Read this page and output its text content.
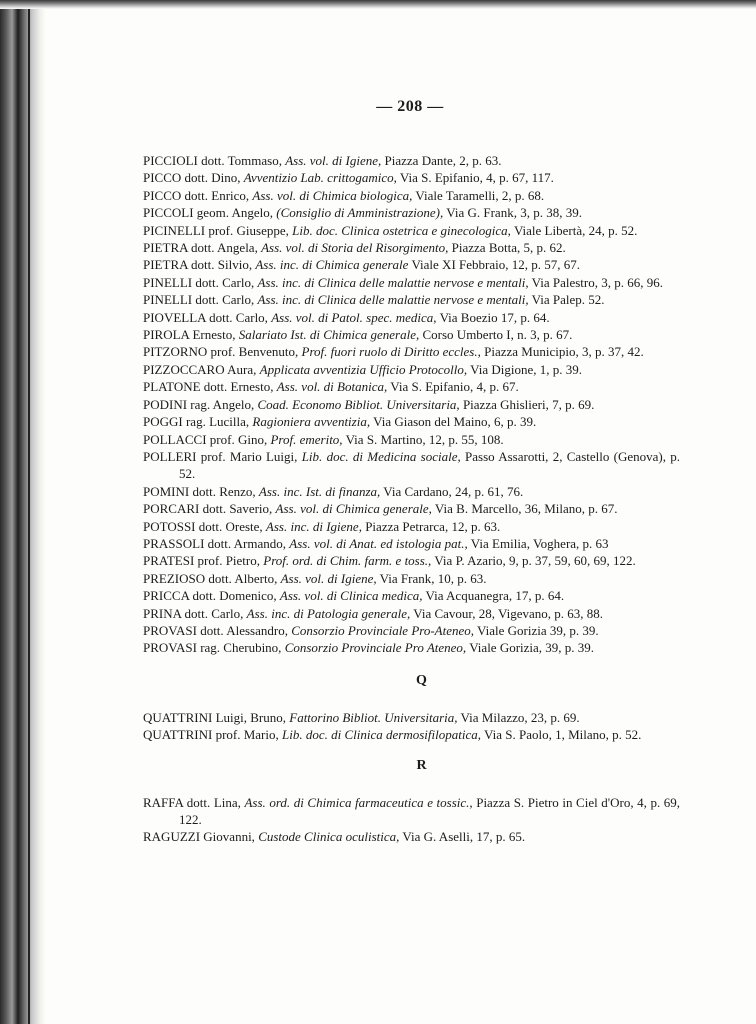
— 208 —
PICCIOLI dott. Tommaso, Ass. vol. di Igiene, Piazza Dante, 2, p. 63.
PICCO dott. Dino, Avventizio Lab. crittogamico, Via S. Epifanio, 4, p. 67, 117.
PICCO dott. Enrico, Ass. vol. di Chimica biologica, Viale Taramelli, 2, p. 68.
PICCOLI geom. Angelo, (Consiglio di Amministrazione), Via G. Frank, 3, p. 38, 39.
PICINELLI prof. Giuseppe, Lib. doc. Clinica ostetrica e ginecologica, Viale Libertà, 24, p. 52.
PIETRA dott. Angela, Ass. vol. di Storia del Risorgimento, Piazza Botta, 5, p. 62.
PIETRA dott. Silvio, Ass. inc. di Chimica generale Viale XI Febbraio, 12, p. 57, 67.
PINELLI dott. Carlo, Ass. inc. di Clinica delle malattie nervose e mentali, Via Palestro, 3, p. 66, 96.
PINELLI dott. Carlo, Ass. inc. di Clinica delle malattie nervose e mentali, Via Palep. 52.
PIOVELLA dott. Carlo, Ass. vol. di Patol. spec. medica, Via Boezio 17, p. 64.
PIROLA Ernesto, Salariato Ist. di Chimica generale, Corso Umberto I, n. 3, p. 67.
PITZORNO prof. Benvenuto, Prof. fuori ruolo di Diritto eccles., Piazza Municipio, 3, p. 37, 42.
PIZZOCCARO Aura, Applicata avventizia Ufficio Protocollo, Via Digione, 1, p. 39.
PLATONE dott. Ernesto, Ass. vol. di Botanica, Via S. Epifanio, 4, p. 67.
PODINI rag. Angelo, Coad. Economo Bibliot. Universitaria, Piazza Ghislieri, 7, p. 69.
POGGI rag. Lucilla, Ragioniera avventizia, Via Giason del Maino, 6, p. 39.
POLLACCI prof. Gino, Prof. emerito, Via S. Martino, 12, p. 55, 108.
POLLERI prof. Mario Luigi, Lib. doc. di Medicina sociale, Passo Assarotti, 2, Castello (Genova), p. 52.
POMINI dott. Renzo, Ass. inc. Ist. di finanza, Via Cardano, 24, p. 61, 76.
PORCARI dott. Saverio, Ass. vol. di Chimica generale, Via B. Marcello, 36, Milano, p. 67.
POTOSSI dott. Oreste, Ass. inc. di Igiene, Piazza Petrarca, 12, p. 63.
PRASSOLI dott. Armando, Ass. vol. di Anat. ed istologia pat., Via Emilia, Voghera, p. 63
PRATESI prof. Pietro, Prof. ord. di Chim. farm. e toss., Via P. Azario, 9, p. 37, 59, 60, 69, 122.
PREZIOSO dott. Alberto, Ass. vol. di Igiene, Via Frank, 10, p. 63.
PRICCA dott. Domenico, Ass. vol. di Clinica medica, Via Acquanegra, 17, p. 64.
PRINA dott. Carlo, Ass. inc. di Patologia generale, Via Cavour, 28, Vigevano, p. 63, 88.
PROVASI dott. Alessandro, Consorzio Provinciale Pro-Ateneo, Viale Gorizia 39, p. 39.
PROVASI rag. Cherubino, Consorzio Provinciale Pro Ateneo, Viale Gorizia, 39, p. 39.
Q
QUATTRINI Luigi, Bruno, Fattorino Bibliot. Universitaria, Via Milazzo, 23, p. 69.
QUATTRINI prof. Mario, Lib. doc. di Clinica dermosifilopatica, Via S. Paolo, 1, Milano, p. 52.
R
RAFFA dott. Lina, Ass. ord. di Chimica farmaceutica e tossic., Piazza S. Pietro in Ciel d'Oro, 4, p. 69, 122.
RAGUZZI Giovanni, Custode Clinica oculistica, Via G. Aselli, 17, p. 65.
